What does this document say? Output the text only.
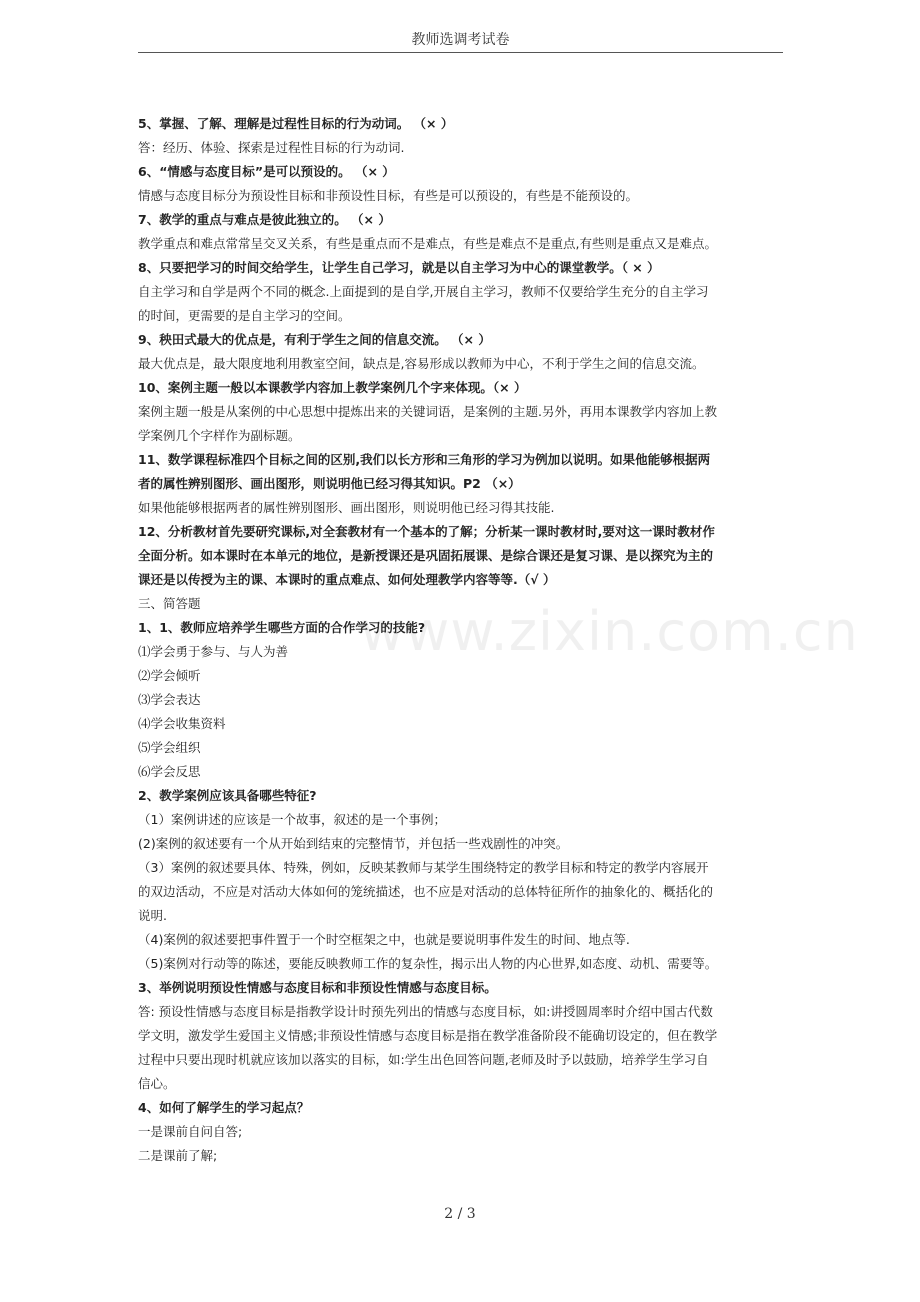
教师选调考试卷
www.zixin.com.cn
5、掌握、了解、理解是过程性目标的行为动词。 （× ）
答：经历、体验、探索是过程性目标的行为动词.
6、“情感与态度目标”是可以预设的。 （× ）
情感与态度目标分为预设性目标和非预设性目标，有些是可以预设的，有些是不能预设的。
7、教学的重点与难点是彼此独立的。 （× ）
教学重点和难点常常呈交叉关系，有些是重点而不是难点，有些是难点不是重点,有些则是重点又是难点。
8、只要把学习的时间交给学生，让学生自己学习，就是以自主学习为中心的课堂教学。（ × ）
自主学习和自学是两个不同的概念.上面提到的是自学,开展自主学习，教师不仅要给学生充分的自主学习
的时间，更需要的是自主学习的空间。
9、秧田式最大的优点是，有利于学生之间的信息交流。 （× ）
最大优点是，最大限度地利用教室空间，缺点是,容易形成以教师为中心，不利于学生之间的信息交流。
10、案例主题一般以本课教学内容加上教学案例几个字来体现。（× ）
案例主题一般是从案例的中心思想中提炼出来的关键词语，是案例的主题.另外，再用本课教学内容加上教
学案例几个字样作为副标题。
11、数学课程标准四个目标之间的区别,我们以长方形和三角形的学习为例加以说明。如果他能够根据两
者的属性辨别图形、画出图形，则说明他已经习得其知识。P2 （×）
如果他能够根据两者的属性辨别图形、画出图形，则说明他已经习得其技能.
12、分析教材首先要研究课标,对全套教材有一个基本的了解；分析某一课时教材时,要对这一课时教材作
全面分析。如本课时在本单元的地位，是新授课还是巩固拓展课、是综合课还是复习课、是以探究为主的
课还是以传授为主的课、本课时的重点难点、如何处理教学内容等等.（√ ）
三、简答题
1、1、教师应培养学生哪些方面的合作学习的技能?
⑴学会勇于参与、与人为善
⑵学会倾听
⑶学会表达
⑷学会收集资料
⑸学会组织
⑹学会反思
2、教学案例应该具备哪些特征?
（1）案例讲述的应该是一个故事，叙述的是一个事例；
(2)案例的叙述要有一个从开始到结束的完整情节，并包括一些戏剧性的冲突。
（3）案例的叙述要具体、特殊，例如，反映某教师与某学生围绕特定的教学目标和特定的教学内容展开
的双边活动，不应是对活动大体如何的笼统描述，也不应是对活动的总体特征所作的抽象化的、概括化的
说明.
（4)案例的叙述要把事件置于一个时空框架之中，也就是要说明事件发生的时间、地点等.
（5)案例对行动等的陈述，要能反映教师工作的复杂性，揭示出人物的内心世界,如态度、动机、需要等。
3、举例说明预设性情感与态度目标和非预设性情感与态度目标。
答: 预设性情感与态度目标是指教学设计时预先列出的情感与态度目标，如:讲授圆周率时介绍中国古代数
学文明，激发学生爱国主义情感;非预设性情感与态度目标是指在教学准备阶段不能确切设定的，但在教学
过程中只要出现时机就应该加以落实的目标，如:学生出色回答问题,老师及时予以鼓励，培养学生学习自
信心。
4、如何了解学生的学习起点？
一是课前自问自答;
二是课前了解;
2 / 3
